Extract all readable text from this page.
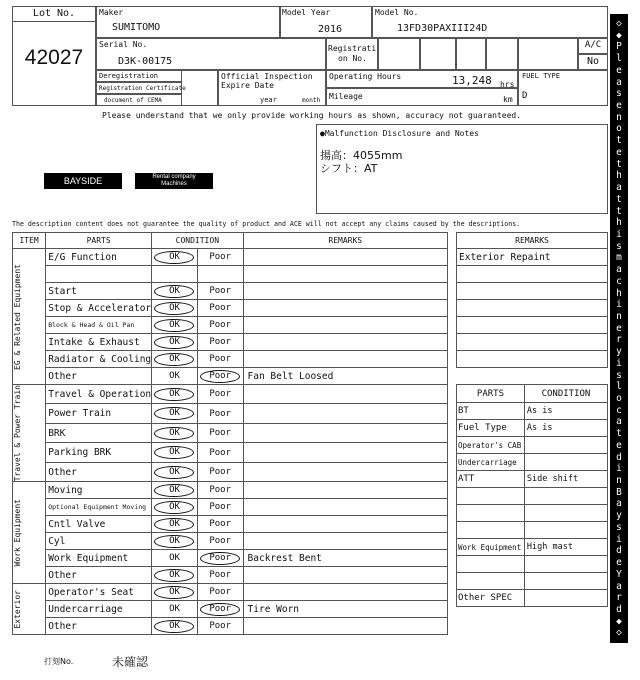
Lot No.
42027
Maker
SUMITOMO
Model Year
2016
Model No.
13FD30PAXIII24D
Serial No.
D3K-00175
Registrati
on No.
A/C
No
Deregistration
Registration Certificate
document of CEMA
Official Inspection
Expire Date
year	month
Operating Hours	13,248 hrs
Mileage	km
FUEL TYPE
D
Please understand that we only provide working hours as shown, accuracy not guaranteed.
●Malfunction Disclosure and Notes
揚高：4055mm
シフト：AT
BAYSIDE	Rental company
Machines
The description content does not guarantee the quality of product and ACE will not accept any claims caused by the descriptions.
ITEM	PARTS	CONDITION		REMARKS

EG & Related Equipment	E/G Function	OK	Poor	

	Start	OK	Poor	
	Stop & Accelerator	OK	Poor	
	Block & Head & Oil Pan	OK	Poor	
	Intake & Exhaust	OK	Poor	
	Radiator & Cooling	OK	Poor	
	Other	OK	Poor	Fan Belt Loosed

Travel & Power Train	Travel & Operation	OK	Poor	
	Power Train	OK	Poor	
	BRK	OK	Poor	
	Parking BRK	OK	Poor	
	Other	OK	Poor	

Work Equipment	Moving	OK	Poor	
	Optional Equipment Moving	OK	Poor	
	Cntl Valve	OK	Poor	
	Cyl	OK	Poor	
	Work Equipment	OK	Poor	Backrest Bent
	Other	OK	Poor	

Exterior	Operator's Seat	OK	Poor	
	Undercarriage	OK	Poor	Tire Worn
	Other	OK	Poor	
REMARKS
Exterior Repaint

PARTS	CONDITION
BT	As is
Fuel Type	As is
Operator's CAB	
Undercarriage	
ATT	Side shift

Work Equipment	High mast

Other SPEC	
◇
◆
P
l
e
a
s
e
n
o
t
e
t
h
a
t
t
h
i
s
m
a
c
h
i
n
e
r
y
i
s
l
o
c
a
t
e
d
i
n
B
a
y
s
i
d
e
Y
a
r
d
◆
◇
打刻No.	未確認
